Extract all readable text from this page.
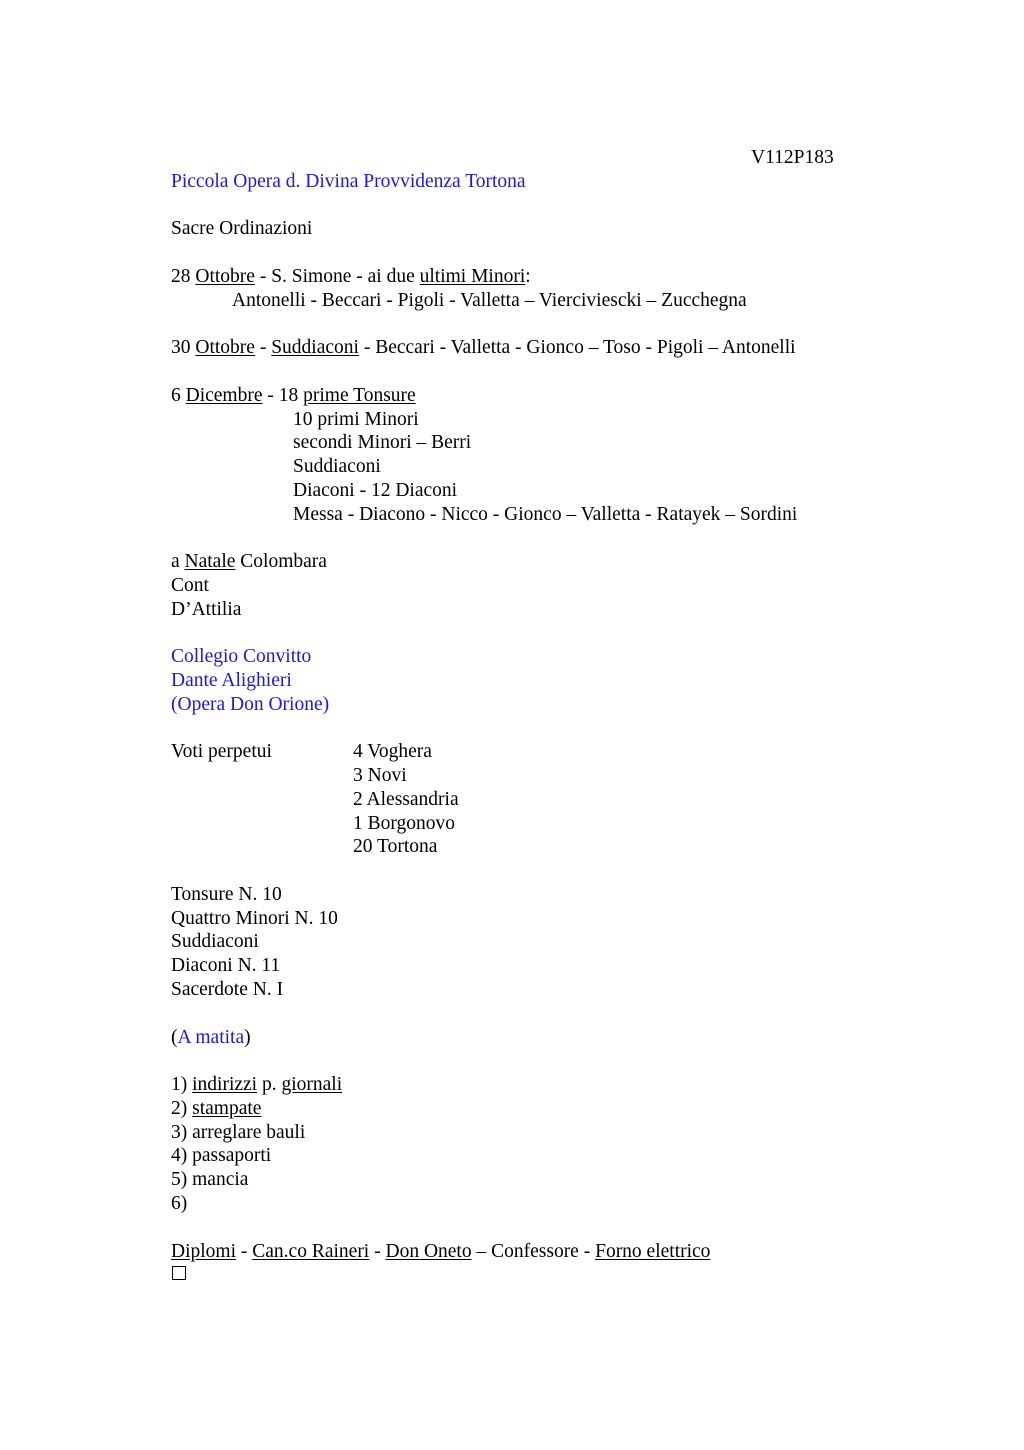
V112P183
Piccola Opera d. Divina Provvidenza Tortona
Sacre Ordinazioni
28 Ottobre - S. Simone - ai due ultimi Minori:
Antonelli - Beccari - Pigoli - Valletta – Vierciviescki – Zucchegna
30 Ottobre - Suddiaconi - Beccari - Valletta - Gionco – Toso - Pigoli – Antonelli
6 Dicembre - 18 prime Tonsure
10 primi Minori
secondi Minori – Berri
Suddiaconi
Diaconi - 12 Diaconi
Messa - Diacono - Nicco - Gionco – Valletta - Ratayek – Sordini
a Natale Colombara
Cont
D’Attilia
Collegio Convitto
Dante Alighieri
(Opera Don Orione)
Voti perpetui	4 Voghera
3 Novi
2 Alessandria
1 Borgonovo
20 Tortona
Tonsure N. 10
Quattro Minori N. 10
Suddiaconi
Diaconi N. 11
Sacerdote N. I
(A matita)
1) indirizzi p. giornali
2) stampate
3) arreglare bauli
4) passaporti
5) mancia
6)
Diplomi - Can.co Raineri - Don Oneto – Confessore - Forno elettrico
